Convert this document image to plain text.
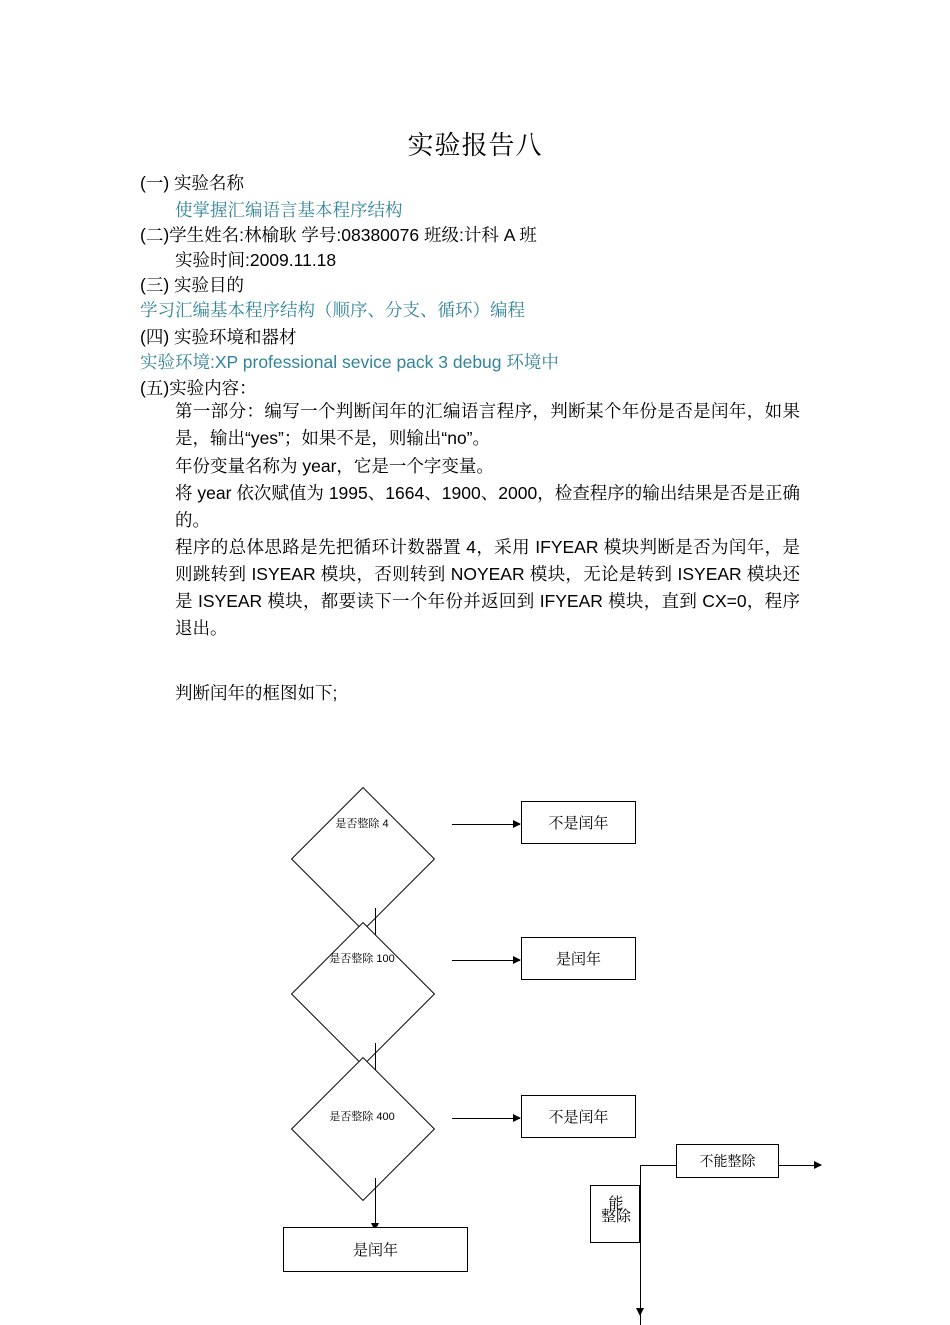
实验报告八
(一) 实验名称
使掌握汇编语言基本程序结构
(二)学生姓名:林榆耿 学号:08380076 班级:计科 A 班
实验时间:2009.11.18
(三) 实验目的
学习汇编基本程序结构（顺序、分支、循环）编程
(四) 实验环境和器材
实验环境:XP professional sevice pack 3 debug 环境中
(五)实验内容：

第一部分：编写一个判断闰年的汇编语言程序，判断某个年份是否是闰年，如果是，输出“yes”；如果不是，则输出“no”。

年份变量名称为 year，它是一个字变量。

将 year 依次赋值为 1995、1664、1900、2000，检查程序的输出结果是否是正确的。

程序的总体思路是先把循环计数器置 4，采用 IFYEAR 模块判断是否为闰年，是则跳转到 ISYEAR 模块，否则转到 NOYEAR 模块，无论是转到 ISYEAR 模块还是 ISYEAR 模块，都要读下一个年份并返回到 IFYEAR 模块，直到 CX=0，程序退出。

判断闰年的框图如下;
是否整除 4	不是闰年
是否整除 100	是闰年
是否整除 400	不是闰年
是闰年
不能整除
能
整除
